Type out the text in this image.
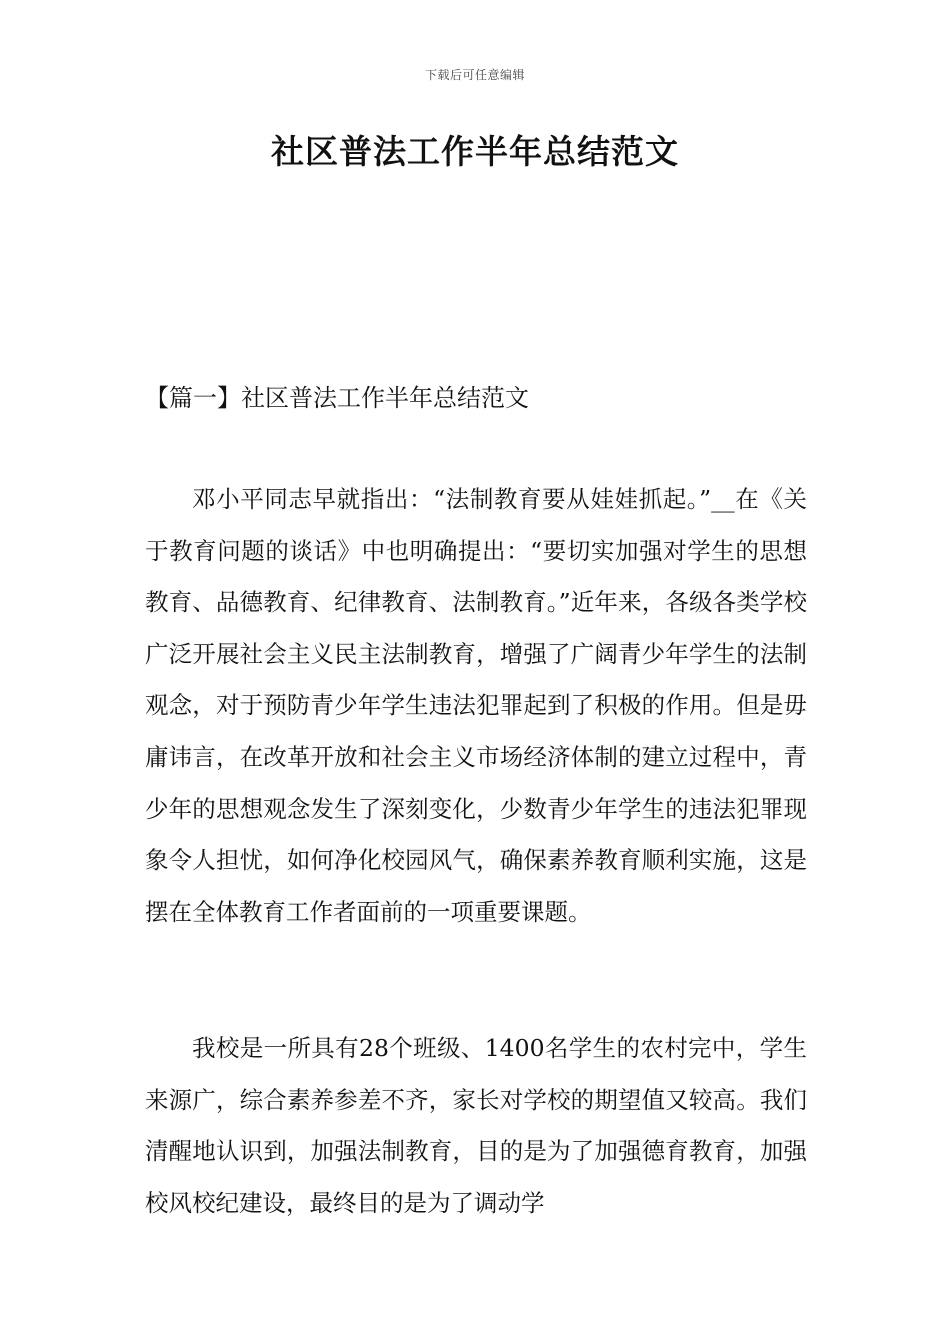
下载后可任意编辑
社区普法工作半年总结范文

【篇一】社区普法工作半年总结范文

邓小平同志早就指出：“法制教育要从娃娃抓起。”__在《关于教育问题的谈话》中也明确提出：“要切实加强对学生的思想教育、品德教育、纪律教育、法制教育。”近年来，各级各类学校广泛开展社会主义民主法制教育，增强了广阔青少年学生的法制观念，对于预防青少年学生违法犯罪起到了积极的作用。但是毋庸讳言，在改革开放和社会主义市场经济体制的建立过程中，青少年的思想观念发生了深刻变化，少数青少年学生的违法犯罪现象令人担忧，如何净化校园风气，确保素养教育顺利实施，这是摆在全体教育工作者面前的一项重要课题。

我校是一所具有28个班级、1400名学生的农村完中，学生来源广，综合素养参差不齐，家长对学校的期望值又较高。我们清醒地认识到，加强法制教育，目的是为了加强德育教育，加强校风校纪建设，最终目的是为了调动学
